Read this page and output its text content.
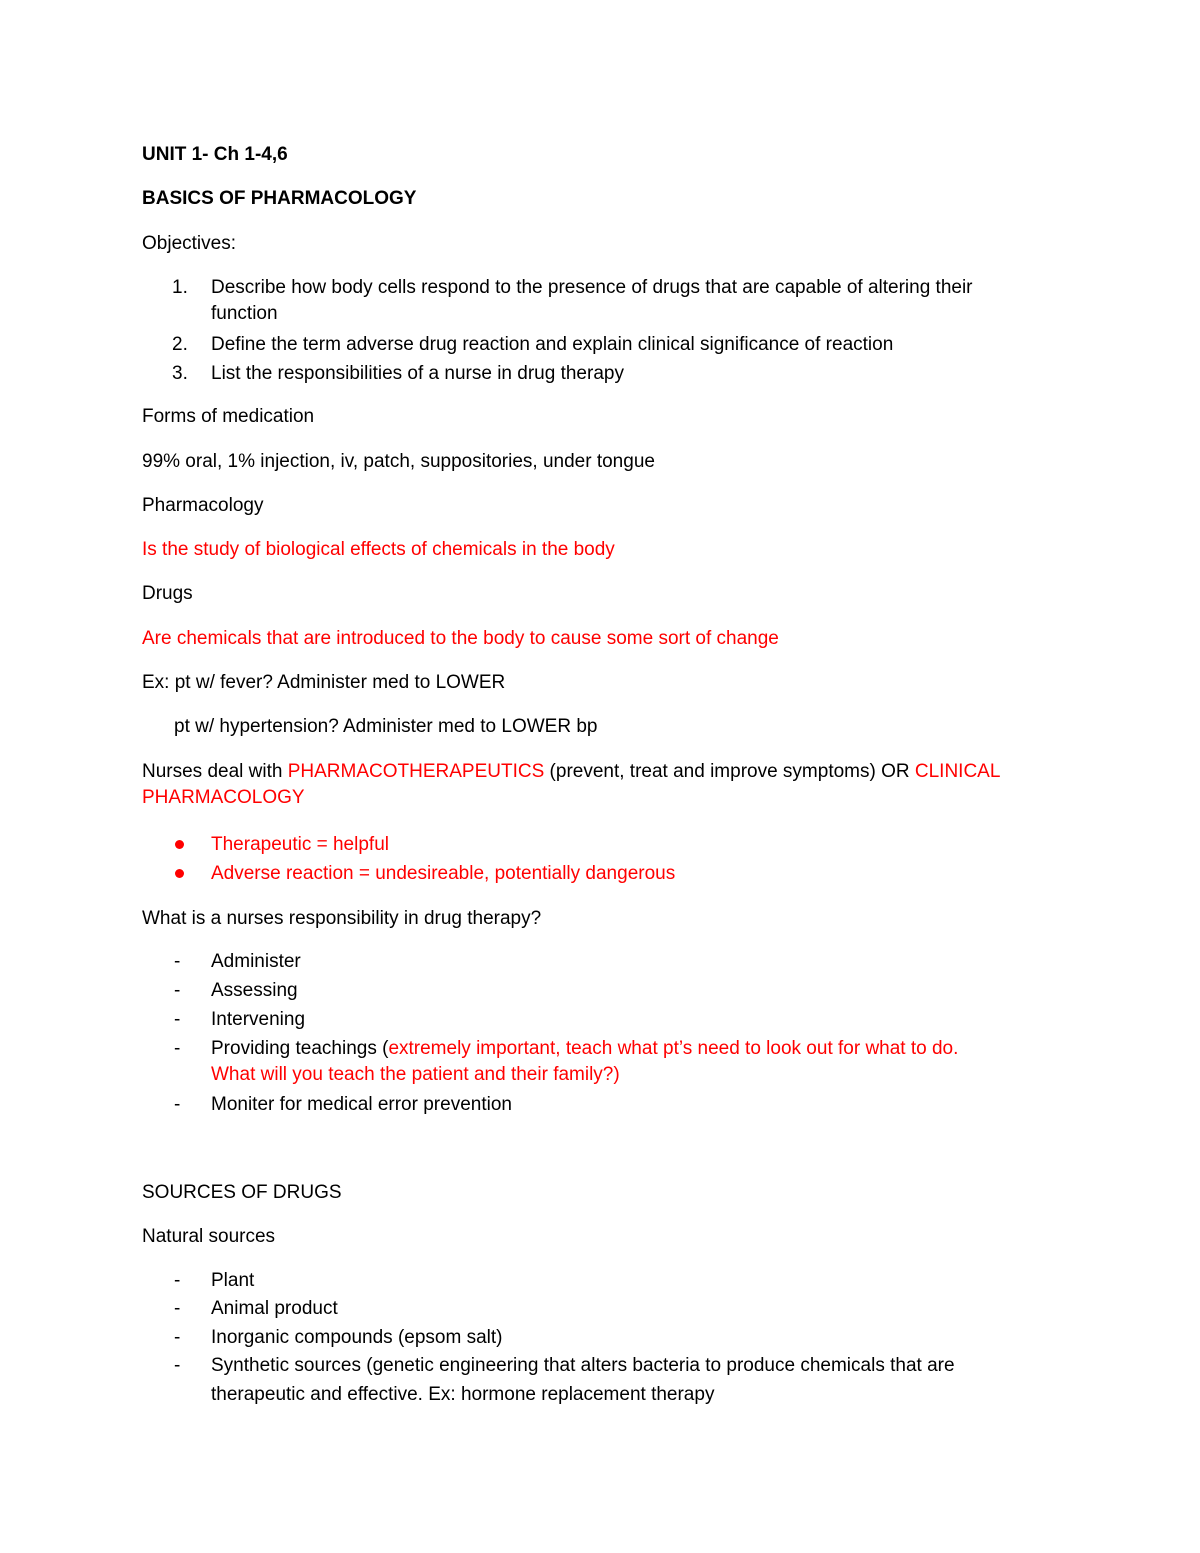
UNIT 1- Ch 1-4,6
BASICS OF PHARMACOLOGY
Objectives:
1. Describe how body cells respond to the presence of drugs that are capable of altering their
function
2. Define the term adverse drug reaction and explain clinical significance of reaction
3. List the responsibilities of a nurse in drug therapy
Forms of medication
99% oral, 1% injection, iv, patch, suppositories, under tongue
Pharmacology
Is the study of biological effects of chemicals in the body
Drugs
Are chemicals that are introduced to the body to cause some sort of change
Ex: pt w/ fever? Administer med to LOWER
pt w/ hypertension? Administer med to LOWER bp
Nurses deal with PHARMACOTHERAPEUTICS (prevent, treat and improve symptoms) OR CLINICAL
PHARMACOLOGY
Therapeutic = helpful
Adverse reaction = undesireable, potentially dangerous
What is a nurses responsibility in drug therapy?
- Administer
- Assessing
- Intervening
- Providing teachings (extremely important, teach what pt’s need to look out for what to do.
What will you teach the patient and their family?)
- Moniter for medical error prevention
SOURCES OF DRUGS
Natural sources
- Plant
- Animal product
- Inorganic compounds (epsom salt)
- Synthetic sources (genetic engineering that alters bacteria to produce chemicals that are
therapeutic and effective. Ex: hormone replacement therapy
